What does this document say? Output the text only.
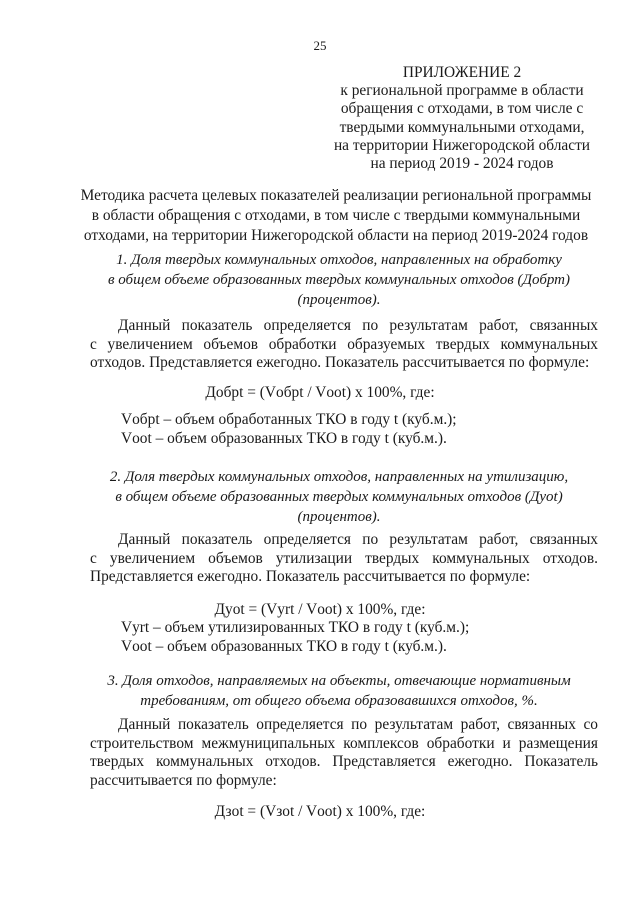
25
ПРИЛОЖЕНИЕ 2
к региональной программе в области
обращения с отходами, в том числе с
твердыми коммунальными отходами,
на территории Нижегородской области
на период 2019 - 2024 годов
Методика расчета целевых показателей реализации региональной программы
в области обращения с отходами, в том числе с твердыми коммунальными
отходами, на территории Нижегородской области на период 2019-2024 годов
1. Доля твердых коммунальных отходов, направленных на обработку
в общем объеме образованных твердых коммунальных отходов (Добрт)
(процентов).
Данный показатель определяется по результатам работ, связанных
с увеличением объемов обработки образуемых твердых коммунальных
отходов. Представляется ежегодно. Показатель рассчитывается по формуле:
Добрt = (Vобрt / Vоot) x 100%, где:
Vобрt – объем обработанных ТКО в году t (куб.м.);
Vоot – объем образованных ТКО в году t (куб.м.).
2. Доля твердых коммунальных отходов, направленных на утилизацию,
в общем объеме образованных твердых коммунальных отходов (Дуot)
(процентов).
Данный показатель определяется по результатам работ, связанных
с увеличением объемов утилизации твердых коммунальных отходов.
Представляется ежегодно. Показатель рассчитывается по формуле:
Дуot = (Vуrt / Vоot) x 100%, где:
Vуrt – объем утилизированных ТКО в году t (куб.м.);
Vоot – объем образованных ТКО в году t (куб.м.).
3. Доля отходов, направляемых на объекты, отвечающие нормативным
требованиям, от общего объема образовавшихся отходов, %.
Данный показатель определяется по результатам работ, связанных со
строительством межмуниципальных комплексов обработки и размещения
твердых коммунальных отходов. Представляется ежегодно. Показатель
рассчитывается по формуле:
Дзot = (Vзot / Vоot) x 100%, где:
